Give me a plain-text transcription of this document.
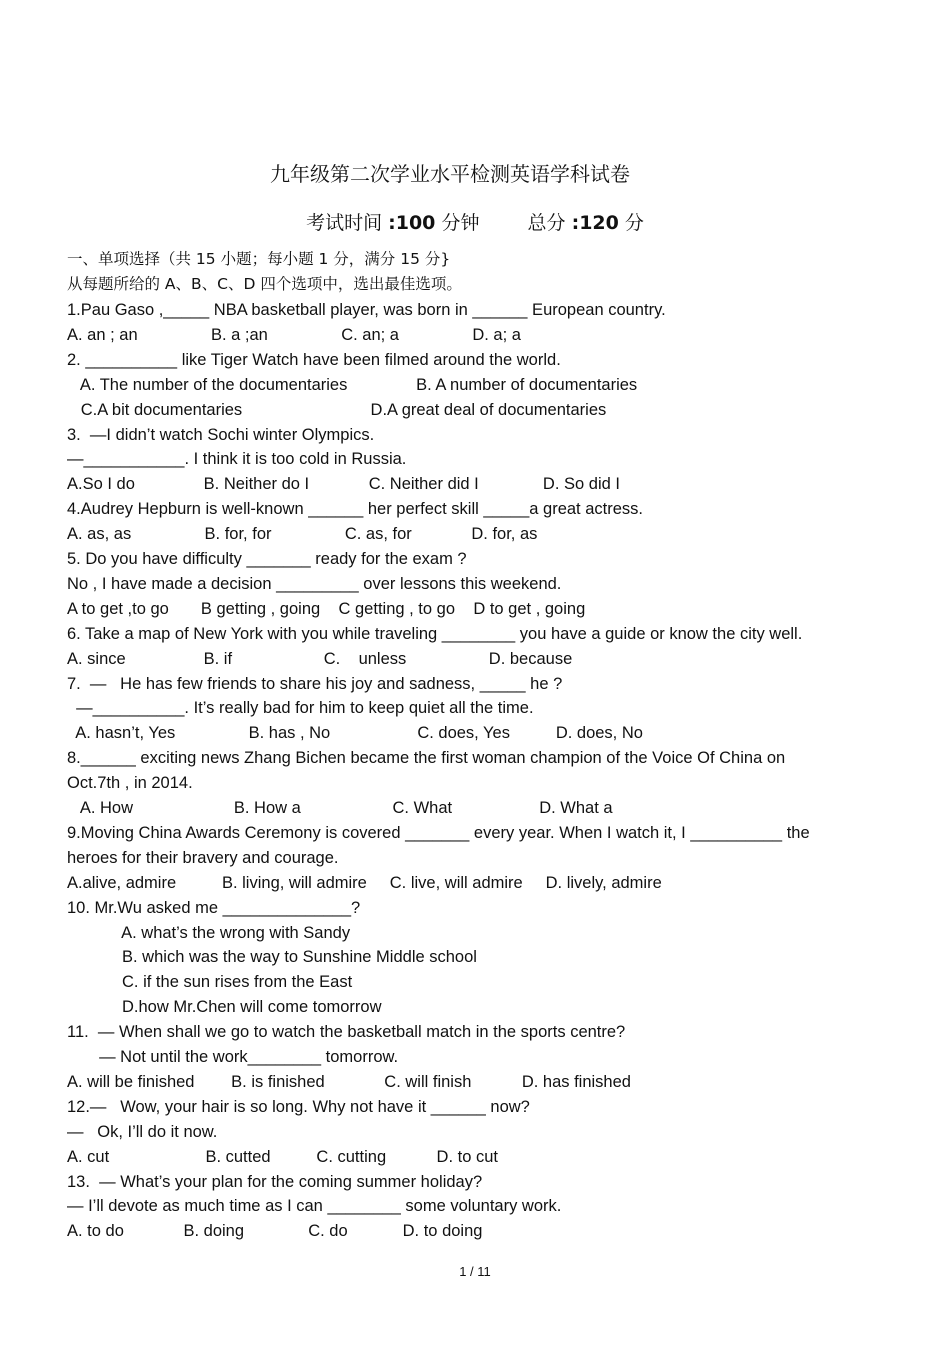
九年级第二次学业水平检测英语学科试卷
考试时间 :100 分钟	总分 :120 分
一、单项选择（共 15 小题；每小题 1 分，满分 15 分}
从每题所给的 A、B、C、D 四个选项中，选出最佳选项。
1.Pau Gaso ,_____ NBA basketball player, was born in ______ European country.
A. an ; an                B. a ;an                C. an; a                D. a; a
2. __________ like Tiger Watch have been filmed around the world.
A. The number of the documentaries               B. A number of documentaries
C.A bit documentaries                            D.A great deal of documentaries
3.  —I didn’t watch Sochi winter Olympics.
—___________. I think it is too cold in Russia.
A.So I do               B. Neither do I             C. Neither did I              D. So did I
4.Audrey Hepburn is well-known ______ her perfect skill _____a great actress.
A. as, as                B. for, for                C. as, for             D. for, as
5. Do you have difficulty _______ ready for the exam ?
No , I have made a decision _________ over lessons this weekend.
A to get ,to go       B getting , going    C getting , to go    D to get , going
6. Take a map of New York with you while traveling ________ you have a guide or know the city well.
A. since                 B. if                    C.    unless                  D. because
7.  —   He has few friends to share his joy and sadness, _____ he ?
—__________. It’s really bad for him to keep quiet all the time.
A. hasn’t, Yes                B. has , No                   C. does, Yes          D. does, No
8.______ exciting news Zhang Bichen became the first woman champion of the Voice Of China on
Oct.7th , in 2014.
A. How                      B. How a                    C. What                   D. What a
9.Moving China Awards Ceremony is covered _______ every year. When I watch it, I __________ the
heroes for their bravery and courage.
A.alive, admire          B. living, will admire     C. live, will admire     D. lively, admire
10. Mr.Wu asked me ______________?
A. what’s the wrong with Sandy
B. which was the way to Sunshine Middle school
C. if the sun rises from the East
D.how Mr.Chen will come tomorrow
11.  — When shall we go to watch the basketball match in the sports centre?
— Not until the work________ tomorrow.
A. will be finished        B. is finished             C. will finish           D. has finished
12.—   Wow, your hair is so long. Why not have it ______ now?
—   Ok, I’ll do it now.
A. cut                     B. cutted          C. cutting           D. to cut
13.  — What’s your plan for the coming summer holiday?
— I’ll devote as much time as I can ________ some voluntary work.
A. to do             B. doing              C. do            D. to doing
1 / 11
